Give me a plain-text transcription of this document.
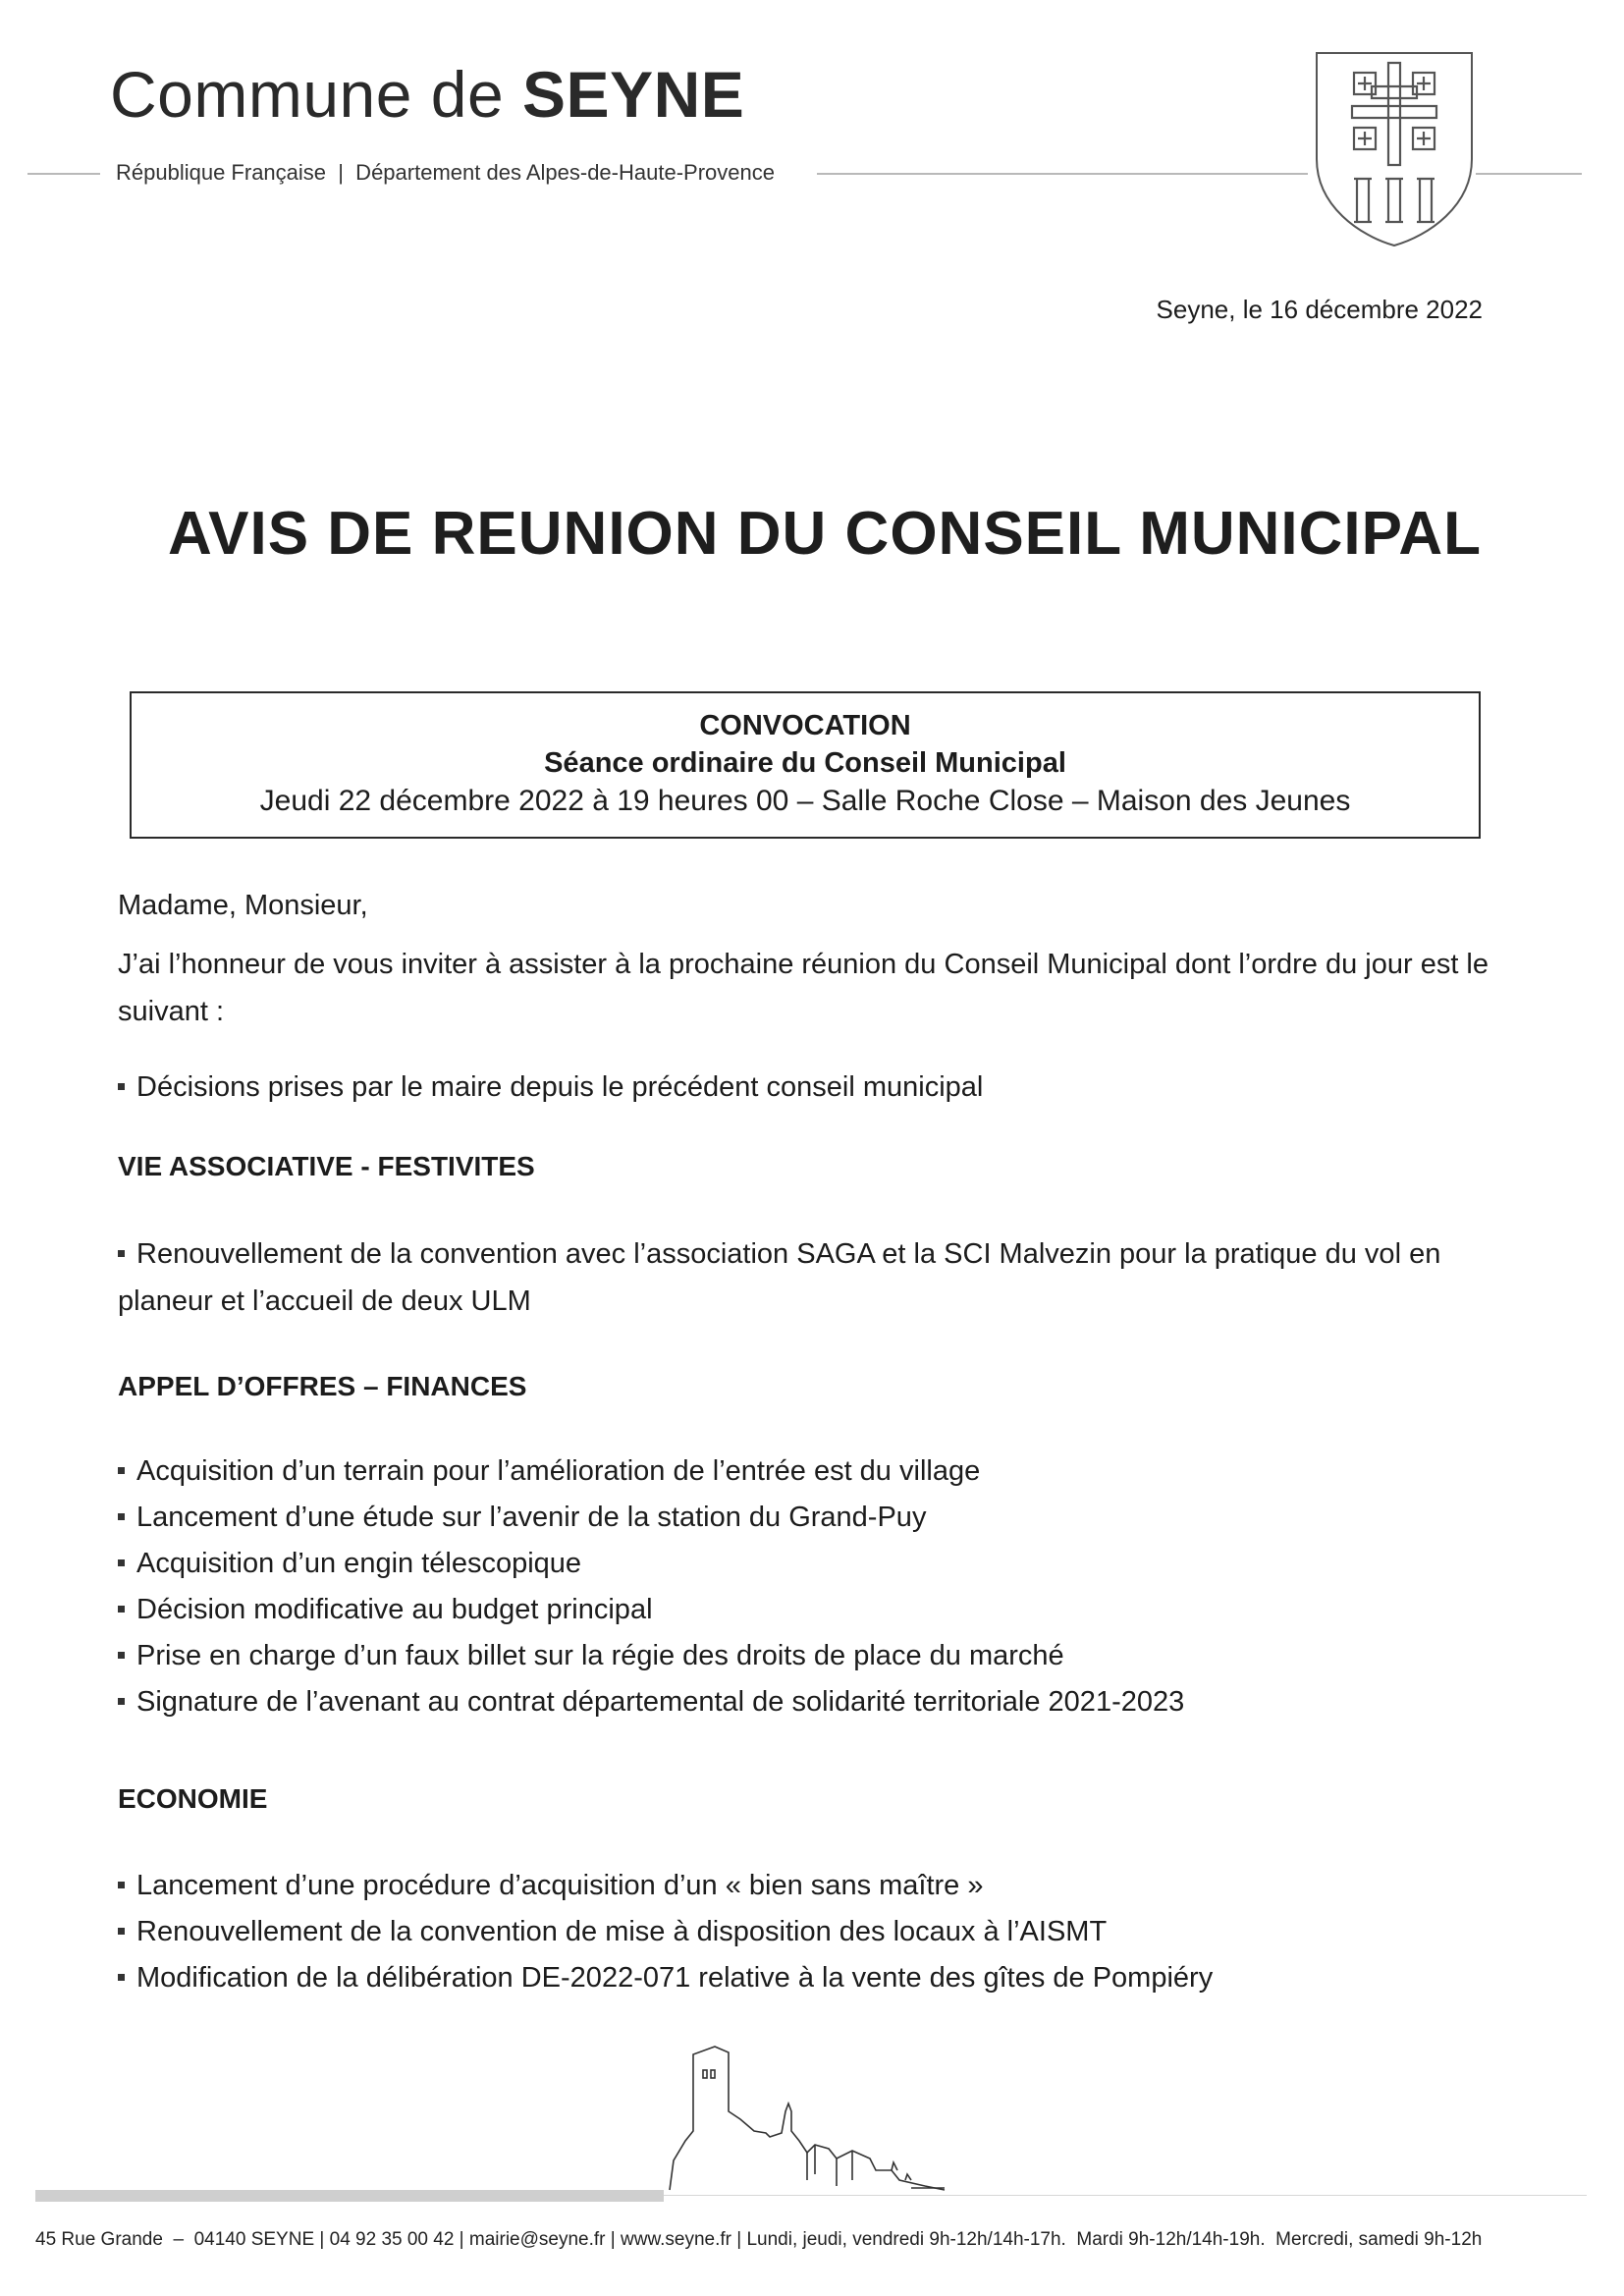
Commune de SEYNE
République Française  |  Département des Alpes-de-Haute-Provence
Seyne, le 16 décembre 2022
AVIS DE REUNION DU CONSEIL MUNICIPAL
CONVOCATION
Séance ordinaire du Conseil Municipal
Jeudi 22 décembre 2022 à 19 heures 00 – Salle Roche Close – Maison des Jeunes
Madame, Monsieur,
J’ai l’honneur de vous inviter à assister à la prochaine réunion du Conseil Municipal dont l’ordre du jour est le suivant :
Décisions prises par le maire depuis le précédent conseil municipal
VIE ASSOCIATIVE - FESTIVITES
Renouvellement de la convention avec l’association SAGA et la SCI Malvezin pour la pratique du vol en planeur et l’accueil de deux ULM
APPEL D’OFFRES – FINANCES
Acquisition d’un terrain pour l’amélioration de l’entrée est du village
Lancement d’une étude sur l’avenir de la station du Grand-Puy
Acquisition d’un engin télescopique
Décision modificative au budget principal
Prise en charge d’un faux billet sur la régie des droits de place du marché
Signature de l’avenant au contrat départemental de solidarité territoriale 2021-2023
ECONOMIE
Lancement d’une procédure d’acquisition d’un « bien sans maître »
Renouvellement de la convention de mise à disposition des locaux à l’AISMT
Modification de la délibération DE-2022-071 relative à la vente des gîtes de Pompiéry
45 Rue Grande  –  04140 SEYNE | 04 92 35 00 42 | mairie@seyne.fr | www.seyne.fr | Lundi, jeudi, vendredi 9h-12h/14h-17h.  Mardi 9h-12h/14h-19h.  Mercredi, samedi 9h-12h
